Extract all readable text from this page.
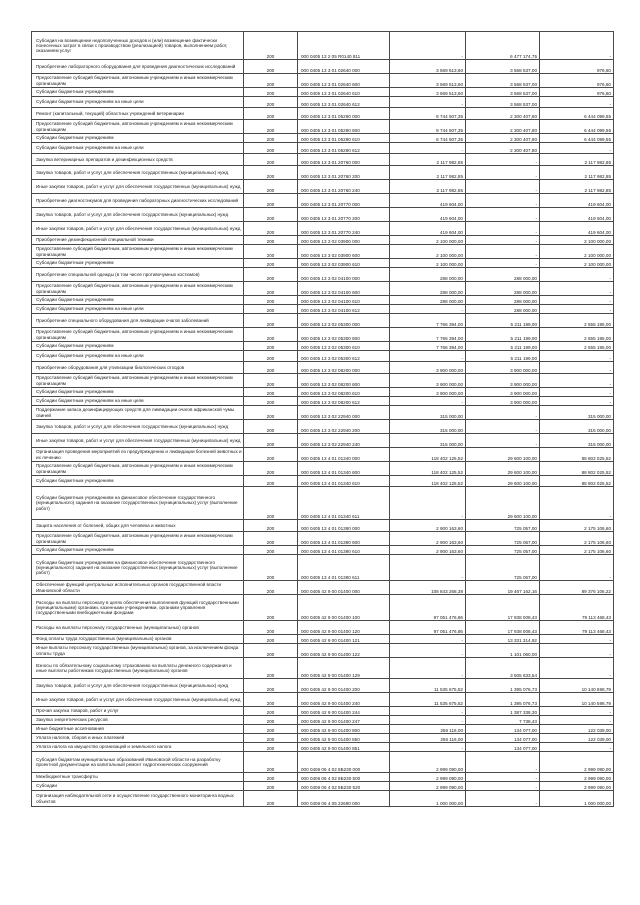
Субсидия на возмещение недополученных доходов и (или) возмещение фактически понесенных затрат в связи с производством (реализацией) товаров, выполнением работ, оказанием услуг	200	000 0405 13 2 05 R0140 811	-	6 477 174,75	-
Приобретение лабораторного оборудования для проведения диагностических исследований	200	000 0405 13 3 01 02640 000	3 569 513,60	3 568 537,00	976,60
Предоставление субсидий бюджетным, автономным учреждениям и иным некоммерческим организациям	200	000 0405 13 3 01 02640 600	3 569 513,60	3 568 537,00	976,60
Субсидии бюджетным учреждениям	200	000 0405 13 3 01 02640 610	3 569 513,60	3 568 537,00	976,60
Субсидии бюджетным учреждениям на иные цели	200	000 0405 13 3 01 02640 612	-	3 568 537,00	-
Ремонт (капитальный, текущий) областных учреждений ветеринарии	200	000 0405 13 3 01 05290 000	8 744 507,35	2 300 407,80	6 444 099,55
Предоставление субсидий бюджетным, автономным учреждениям и иным некоммерческим организациям	200	000 0405 13 3 01 05290 600	8 744 507,35	2 300 407,80	6 444 099,55
Субсидии бюджетным учреждениям	200	000 0405 13 3 01 05290 610	8 744 507,35	2 300 407,80	6 444 099,55
Субсидии бюджетным учреждениям на иные цели	200	000 0405 13 3 01 05290 612	-	2 300 407,80	-
Закупка ветеринарных препаратов и дезинфекционных средств	200	000 0405 13 3 01 20760 000	2 117 982,85	-	2 117 982,85
Закупка товаров, работ и услуг для обеспечения государственных (муниципальных) нужд	200	000 0405 13 3 01 20760 200	2 117 982,85	-	2 117 982,85
Иные закупки товаров, работ и услуг для обеспечения государственных (муниципальных) нужд	200	000 0405 13 3 01 20760 240	2 117 982,85	-	2 117 982,85
Приобретение диагностикумов для проведения лабораторных диагностических исследований	200	000 0405 13 3 01 20770 000	419 604,00	-	419 604,00
Закупка товаров, работ и услуг для обеспечения государственных (муниципальных) нужд	200	000 0405 13 3 01 20770 200	419 604,00	-	419 604,00
Иные закупки товаров, работ и услуг для обеспечения государственных (муниципальных) нужд	200	000 0405 13 3 01 20770 240	419 604,00	-	419 604,00
Приобретение дезинфекционной специальной техники	200	000 0405 13 3 02 03900 000	2 100 000,00	-	2 100 000,00
Предоставление субсидий бюджетным, автономным учреждениям и иным некоммерческим организациям	200	000 0405 13 3 02 03900 600	2 100 000,00	-	2 100 000,00
Субсидии бюджетным учреждениям	200	000 0405 13 3 02 03900 610	2 100 000,00	-	2 100 000,00
Приобретение специальной одежды (в том числе противочумных костюмов)	200	000 0405 13 3 02 04100 000	288 000,00	288 000,00	-
Предоставление субсидий бюджетным, автономным учреждениям и иным некоммерческим организациям	200	000 0405 13 3 02 04100 600	288 000,00	288 000,00	-
Субсидии бюджетным учреждениям	200	000 0405 13 3 02 04100 610	288 000,00	288 000,00	-
Субсидии бюджетным учреждениям на иные цели	200	000 0405 13 3 02 04100 612	-	288 000,00	-
Приобретение специального оборудования для ликвидации очагов заболеваний	200	000 0405 13 3 02 05300 000	7 766 394,00	5 211 199,00	2 555 195,00
Предоставление субсидий бюджетным, автономным учреждениям и иным некоммерческим организациям	200	000 0405 13 3 02 05300 600	7 766 394,00	5 211 199,00	2 555 195,00
Субсидии бюджетным учреждениям	200	000 0405 13 3 02 05300 610	7 766 394,00	5 211 199,00	2 555 195,00
Субсидии бюджетным учреждениям на иные цели	200	000 0405 13 3 02 05300 612	-	5 211 199,00	-
Приобретение оборудования для утилизации биологических отходов	200	000 0405 13 3 02 08200 000	3 900 000,00	3 900 000,00	-
Предоставление субсидий бюджетным, автономным учреждениям и иным некоммерческим организациям	200	000 0405 13 3 02 08200 600	3 900 000,00	3 900 000,00	-
Субсидии бюджетным учреждениям	200	000 0405 13 3 02 08200 610	3 900 000,00	3 900 000,00	-
Субсидии бюджетным учреждениям на иные цели	200	000 0405 13 3 02 08200 612	-	3 900 000,00	-
Поддержание запаса дезинфицирующих средств для ликвидации очагов африканской чумы свиней	200	000 0405 13 3 02 22940 000	315 000,00	-	315 000,00
Закупка товаров, работ и услуг для обеспечения государственных (муниципальных) нужд	200	000 0405 13 3 02 22940 200	315 000,00	-	315 000,00
Иные закупки товаров, работ и услуг для обеспечения государственных (муниципальных) нужд	200	000 0405 13 3 02 22940 240	315 000,00	-	315 000,00
Организация проведения мероприятий по предупреждению и ликвидации болезней животных и их лечению	200	000 0405 13 4 01 01340 000	118 402 125,52	29 600 100,00	88 802 025,52
Предоставление субсидий бюджетным, автономным учреждениям и иным некоммерческим организациям	200	000 0405 13 4 01 01340 600	118 402 125,52	29 600 100,00	88 802 025,52
Субсидии бюджетным учреждениям	200	000 0405 13 4 01 01340 610	118 402 125,52	29 600 100,00	88 802 025,52
Субсидии бюджетным учреждениям на финансовое обеспечение государственного (муниципального) задания на оказание государственных (муниципальных) услуг (выполнение работ)	200	000 0405 13 4 01 01340 611	-	29 600 100,00	-
Защита населения от болезней, общих для человека и животных	200	000 0405 13 4 01 01390 000	2 900 163,60	725 057,00	2 175 106,60
Предоставление субсидий бюджетным, автономным учреждениям и иным некоммерческим организациям	200	000 0405 13 4 01 01390 600	2 900 163,60	725 057,00	2 175 106,60
Субсидии бюджетным учреждениям	200	000 0405 13 4 01 01390 610	2 900 163,60	725 057,00	2 175 106,60
Субсидии бюджетным учреждениям на финансовое обеспечение государственного (муниципального) задания на оказание государственных (муниципальных) услуг (выполнение работ)	200	000 0405 13 4 01 01390 611	-	725 057,00	-
Обеспечение функций центральных исполнительных органов государственной власти Ивановской области	200	000 0405 42 9 00 01400 000	108 843 268,38	19 467 162,16	89 376 106,22
Расходы на выплаты персоналу в целях обеспечения выполнения функций государственными (муниципальными) органами, казенными учреждениями, органами управления государственными внебюджетными фондами	200	000 0405 42 9 00 01400 100	97 051 476,86	17 938 008,43	79 113 468,43
Расходы на выплаты персоналу государственных (муниципальных) органов	200	000 0405 42 9 00 01400 120	97 051 476,86	17 938 008,43	79 113 468,43
Фонд оплаты труда государственных (муниципальных) органов	200	000 0405 42 9 00 01400 121	-	13 331 314,92	-
Иные выплаты персоналу государственных (муниципальных) органов, за исключением фонда оплаты труда	200	000 0405 42 9 00 01400 122	-	1 101 060,00	-
Взносы по обязательному социальному страхованию на выплаты денежного содержания и иные выплаты работникам государственных (муниципальных) органов	200	000 0405 42 9 00 01400 129	-	3 505 633,54	-
Закупка товаров, работ и услуг для обеспечения государственных (муниципальных) нужд	200	000 0405 42 9 00 01400 200	11 535 675,52	1 395 076,73	10 140 598,79
Иные закупки товаров, работ и услуг для обеспечения государственных (муниципальных) нужд	200	000 0405 42 9 00 01400 240	11 535 675,52	1 395 076,73	10 140 598,79
Прочая закупка товаров, работ и услуг	200	000 0405 42 9 00 01400 244	-	1 387 338,30	-
Закупка энергетических ресурсов	200	000 0405 42 9 00 01400 247	-	7 738,43	-
Иные бюджетные ассигнования	200	000 0405 42 9 00 01400 800	256 116,00	134 077,00	122 039,00
Уплата налогов, сборов и иных платежей	200	000 0405 42 9 00 01400 850	256 116,00	134 077,00	122 039,00
Уплата налога на имущество организаций и земельного налога	200	000 0405 42 9 00 01400 851	-	134 077,00	-
Субсидия бюджетам муниципальных образований Ивановской области на разработку проектной документации на капитальный ремонт гидротехнических сооружений	200	000 0406 06 4 02 8Б230 000	2 999 090,00	-	2 999 090,00
Межбюджетные трансферты	200	000 0406 06 4 02 8Б230 500	2 999 090,00	-	2 999 090,00
Субсидии	200	000 0406 06 4 02 8Б230 520	2 999 090,00	-	2 999 090,00
Организация наблюдательной сети и осуществление государственного мониторинга водных объектов	200	000 0406 06 4 05 22690 000	1 000 000,00	-	1 000 000,00
